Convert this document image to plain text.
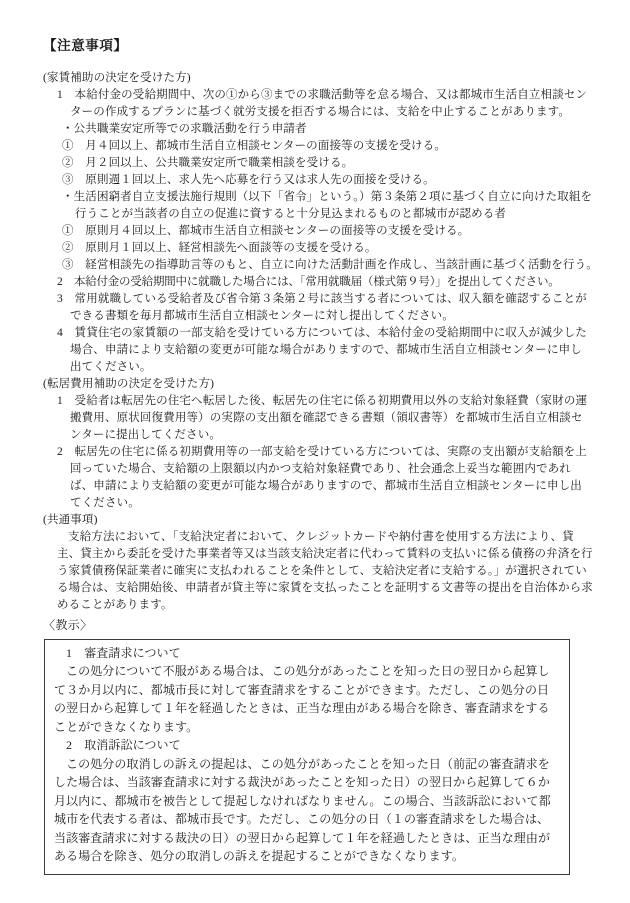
【注意事項】

(家賃補助の決定を受けた方)

1　本給付金の受給期間中、次の①から③までの求職活動等を怠る場合、又は都城市生活自立相談センターの作成するプランに基づく就労支援を拒否する場合には、支給を中止することがあります。

・公共職業安定所等での求職活動を行う申請者

①　月４回以上、都城市生活自立相談センターの面接等の支援を受ける。

②　月２回以上、公共職業安定所で職業相談を受ける。

③　原則週１回以上、求人先へ応募を行う又は求人先の面接を受ける。

・生活困窮者自立支援法施行規則（以下「省令」という。）第３条第２項に基づく自立に向けた取組を行うことが当該者の自立の促進に資すると十分見込まれるものと都城市が認める者

①　原則月４回以上、都城市生活自立相談センターの面接等の支援を受ける。

②　原則月１回以上、経営相談先へ面談等の支援を受ける。

③　経営相談先の指導助言等のもと、自立に向けた活動計画を作成し、当該計画に基づく活動を行う。

2　本給付金の受給期間中に就職した場合には、「常用就職届（様式第９号）」を提出してください。

3　常用就職している受給者及び省令第３条第２号に該当する者については、収入額を確認することができる書類を毎月都城市生活自立相談センターに対し提出してください。

4　賃貸住宅の家賃額の一部支給を受けている方については、本給付金の受給期間中に収入が減少した場合、申請により支給額の変更が可能な場合がありますので、都城市生活自立相談センターに申し出てください。

(転居費用補助の決定を受けた方)

1　受給者は転居先の住宅へ転居した後、転居先の住宅に係る初期費用以外の支給対象経費（家財の運搬費用、原状回復費用等）の実際の支出額を確認できる書類（領収書等）を都城市生活自立相談センターに提出してください。

2　転居先の住宅に係る初期費用等の一部支給を受けている方については、実際の支出額が支給額を上回っていた場合、支給額の上限額以内かつ支給対象経費であり、社会通念上妥当な範囲内であれば、申請により支給額の変更が可能な場合がありますので、都城市生活自立相談センターに申し出てください。

(共通事項)

支給方法において、「支給決定者において、クレジットカードや納付書を使用する方法により、貸主、貸主から委託を受けた事業者等又は当該支給決定者に代わって賃料の支払いに係る債務の弁済を行う家賃債務保証業者に確実に支払われることを条件として、支給決定者に支給する。」が選択されている場合は、支給開始後、申請者が貸主等に家賃を支払ったことを証明する文書等の提出を自治体から求めることがあります。

〈教示〉

1　審査請求について

この処分について不服がある場合は、この処分があったことを知った日の翌日から起算して３か月以内に、都城市長に対して審査請求をすることができます。ただし、この処分の日の翌日から起算して１年を経過したときは、正当な理由がある場合を除き、審査請求をすることができなくなります。

2　取消訴訟について

この処分の取消しの訴えの提起は、この処分があったことを知った日（前記の審査請求をした場合は、当該審査請求に対する裁決があったことを知った日）の翌日から起算して６か月以内に、都城市を被告として提起しなければなりません。この場合、当該訴訟において都城市を代表する者は、都城市長です。ただし、この処分の日（１の審査請求をした場合は、当該審査請求に対する裁決の日）の翌日から起算して１年を経過したときは、正当な理由がある場合を除き、処分の取消しの訴えを提起することができなくなります。
